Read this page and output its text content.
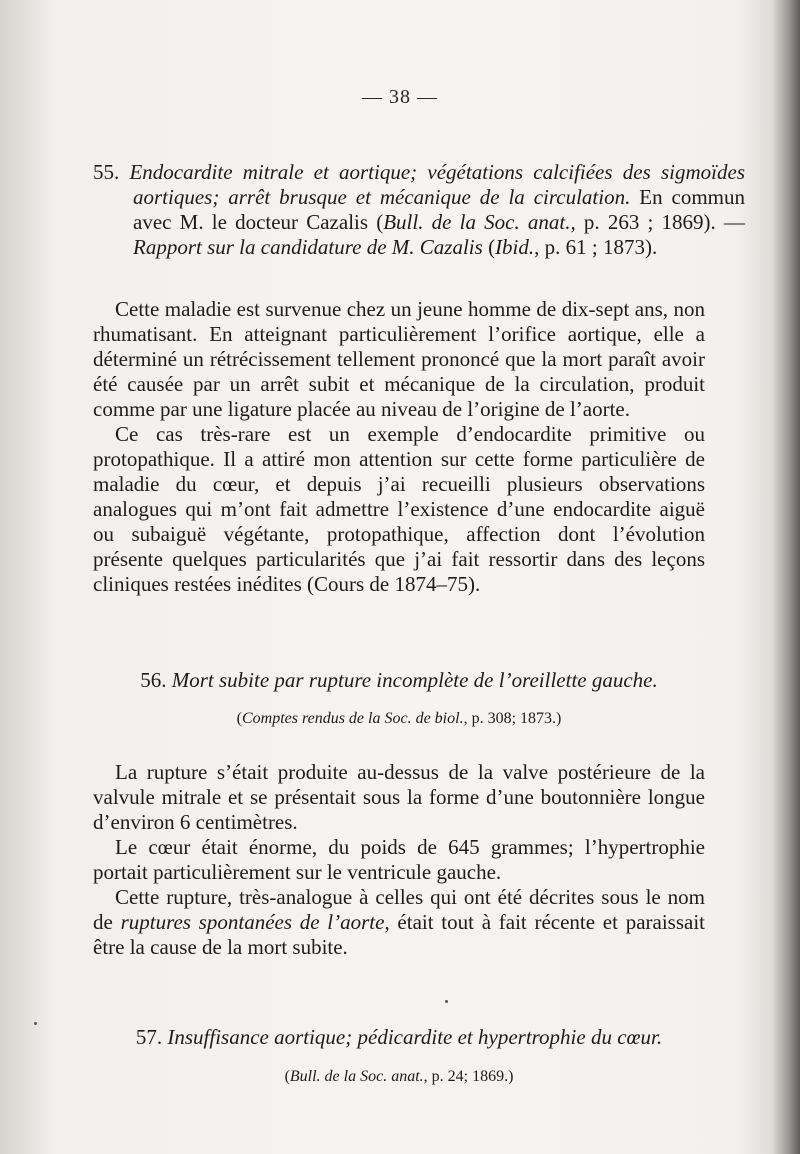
— 38 —
55. Endocardite mitrale et aortique; végétations calcifiées des sigmoïdes aortiques; arrêt brusque et mécanique de la circulation. En commun avec M. le docteur Cazalis (Bull. de la Soc. anat., p. 263 ; 1869). — Rapport sur la candidature de M. Cazalis (Ibid., p. 61 ; 1873).

Cette maladie est survenue chez un jeune homme de dix-sept ans, non rhumatisant. En atteignant particulièrement l’orifice aortique, elle a déterminé un rétrécissement tellement prononcé que la mort paraît avoir été causée par un arrêt subit et mécanique de la circulation, produit comme par une ligature placée au niveau de l’origine de l’aorte.

Ce cas très-rare est un exemple d’endocardite primitive ou protopathique. Il a attiré mon attention sur cette forme particulière de maladie du cœur, et depuis j’ai recueilli plusieurs observations analogues qui m’ont fait admettre l’existence d’une endocardite aiguë ou subaiguë végétante, protopathique, affection dont l’évolution présente quelques particularités que j’ai fait ressortir dans des leçons cliniques restées inédites (Cours de 1874–75).

56. Mort subite par rupture incomplète de l’oreillette gauche.
(Comptes rendus de la Soc. de biol., p. 308; 1873.)

La rupture s’était produite au-dessus de la valve postérieure de la valvule mitrale et se présentait sous la forme d’une boutonnière longue d’environ 6 centimètres.

Le cœur était énorme, du poids de 645 grammes; l’hypertrophie portait particulièrement sur le ventricule gauche.

Cette rupture, très-analogue à celles qui ont été décrites sous le nom de ruptures spontanées de l’aorte, était tout à fait récente et paraissait être la cause de la mort subite.

57. Insuffisance aortique; pédicardite et hypertrophie du cœur.
(Bull. de la Soc. anat., p. 24; 1869.)
